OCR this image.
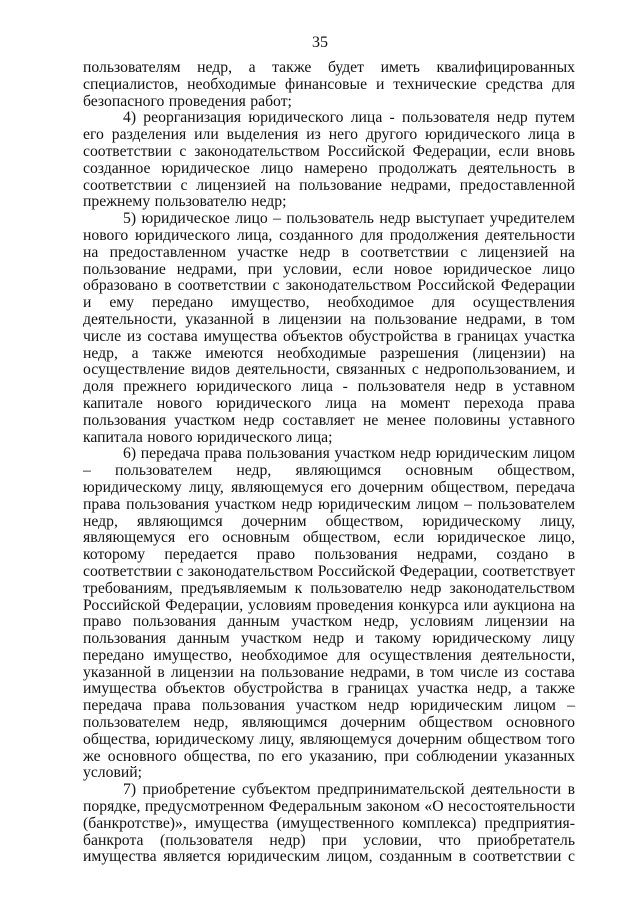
35

пользователям недр, а также будет иметь квалифицированных специалистов, необходимые финансовые и технические средства для безопасного проведения работ;

4) реорганизация юридического лица - пользователя недр путем его разделения или выделения из него другого юридического лица в соответствии с законодательством Российской Федерации, если вновь созданное юридическое лицо намерено продолжать деятельность в соответствии с лицензией на пользование недрами, предоставленной прежнему пользователю недр;

5) юридическое лицо – пользователь недр выступает учредителем нового юридического лица, созданного для продолжения деятельности на предоставленном участке недр в соответствии с лицензией на пользование недрами, при условии, если новое юридическое лицо образовано в соответствии с законодательством Российской Федерации и ему передано имущество, необходимое для осуществления деятельности, указанной в лицензии на пользование недрами, в том числе из состава имущества объектов обустройства в границах участка недр, а также имеются необходимые разрешения (лицензии) на осуществление видов деятельности, связанных с недропользованием, и доля прежнего юридического лица - пользователя недр в уставном капитале нового юридического лица на момент перехода права пользования участком недр составляет не менее половины уставного капитала нового юридического лица;

6) передача права пользования участком недр юридическим лицом – пользователем недр, являющимся основным обществом, юридическому лицу, являющемуся его дочерним обществом, передача права пользования участком недр юридическим лицом – пользователем недр, являющимся дочерним обществом, юридическому лицу, являющемуся его основным обществом, если юридическое лицо, которому передается право пользования недрами, создано в соответствии с законодательством Российской Федерации, соответствует требованиям, предъявляемым к пользователю недр законодательством Российской Федерации, условиям проведения конкурса или аукциона на право пользования данным участком недр, условиям лицензии на пользования данным участком недр и такому юридическому лицу передано имущество, необходимое для осуществления деятельности, указанной в лицензии на пользование недрами, в том числе из состава имущества объектов обустройства в границах участка недр, а также передача права пользования участком недр юридическим лицом – пользователем недр, являющимся дочерним обществом основного общества, юридическому лицу, являющемуся дочерним обществом того же основного общества, по его указанию, при соблюдении указанных условий;

7) приобретение субъектом предпринимательской деятельности в порядке, предусмотренном Федеральным законом «О несостоятельности (банкротстве)», имущества (имущественного комплекса) предприятия-банкрота (пользователя недр) при условии, что приобретатель имущества является юридическим лицом, созданным в соответствии с
